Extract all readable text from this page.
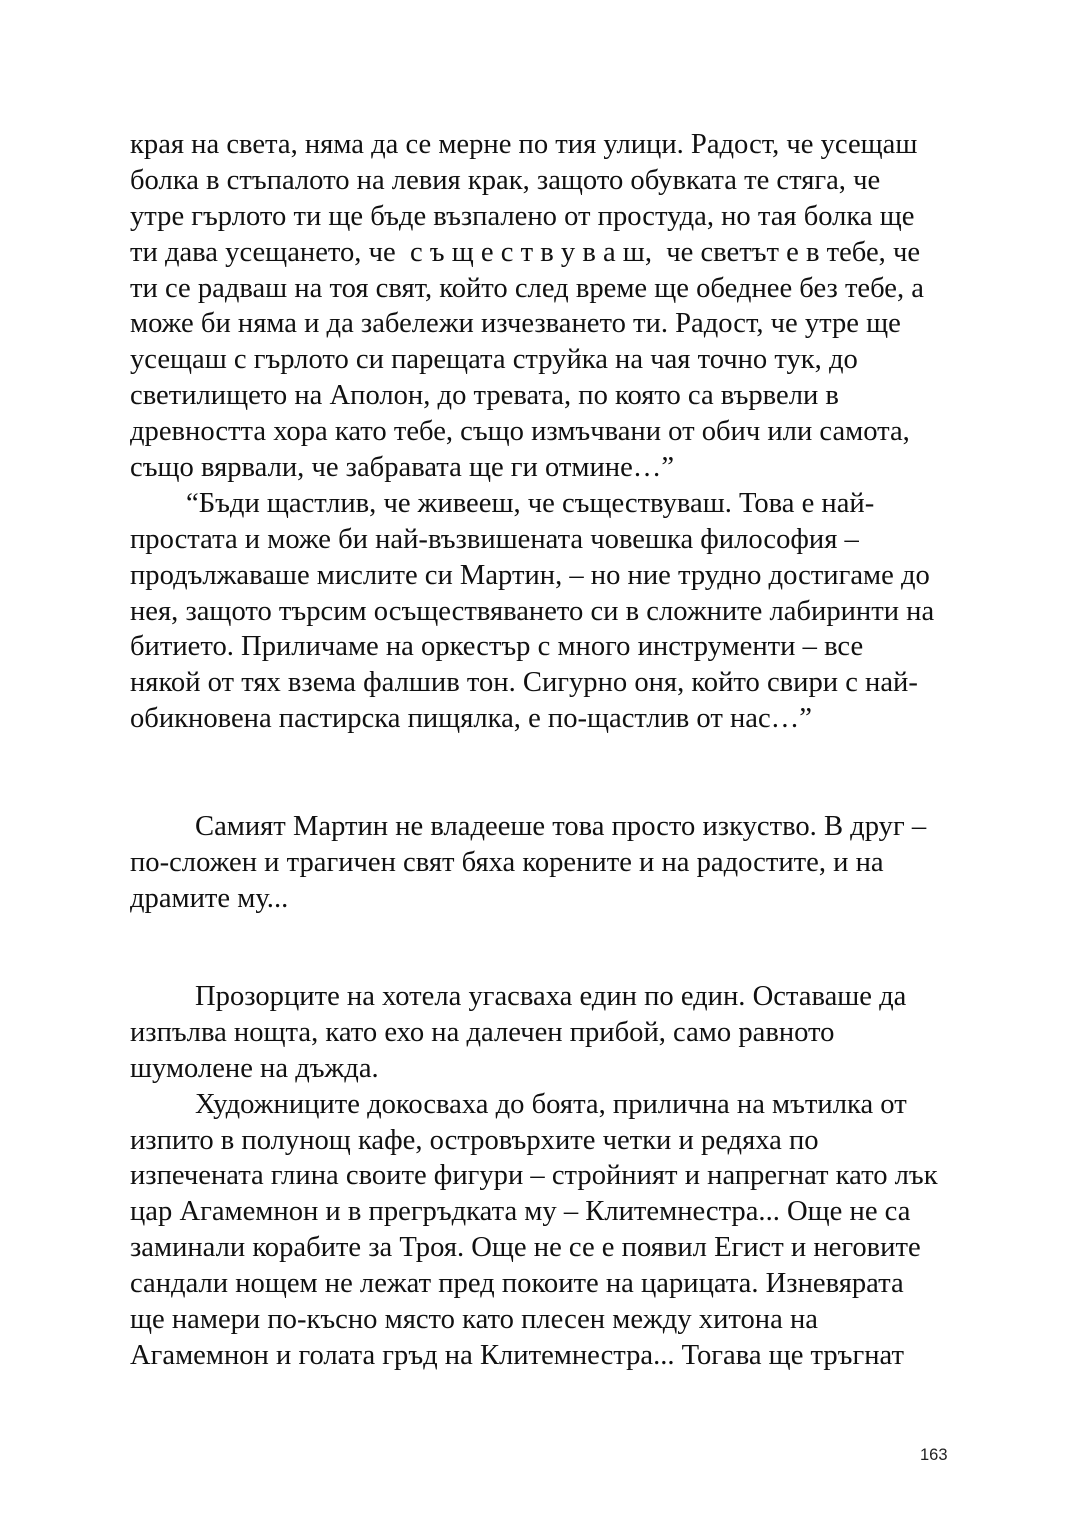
края на света, няма да се мерне по тия улици. Радост, че усещаш
болка в стъпалото на левия крак, защото обувката те стяга, че
утре гърлото ти ще бъде възпалено от простуда, но тая болка ще
ти дава усещането, че  с ъ щ е с т в у в а ш,  че светът е в тебе, че
ти се радваш на тоя свят, който след време ще обеднее без тебе, а
може би няма и да забележи изчезването ти. Радост, че утре ще
усещаш с гърлото си парещата струйка на чая точно тук, до
светилището на Аполон, до тревата, по която са вървели в
древността хора като тебе, също измъчвани от обич или самота,
също вярвали, че забравата ще ги отмине…”
“Бъди щастлив, че живееш, че съществуваш. Това е най-
простата и може би най-възвишената човешка философия –
продължаваше мислите си Мартин, – но ние трудно достигаме до
нея, защото търсим осъществяването си в сложните лабиринти на
битието. Приличаме на оркестър с много инструменти – все
някой от тях взема фалшив тон. Сигурно оня, който свири с най-
обикновена пастирска пищялка, е по-щастлив от нас…”
Самият Мартин не владееше това просто изкуство. В друг –
по-сложен и трагичен свят бяха корените и на радостите, и на
драмите му...
Прозорците на хотела угасваха един по един. Оставаше да
изпълва нощта, като ехо на далечен прибой, само равното
шумолене на дъжда.
Художниците докосваха до боята, прилична на мътилка от
изпито в полунощ кафе, островърхите четки и редяха по
изпечената глина своите фигури – стройният и напрегнат като лък
цар Агамемнон и в прегръдката му – Клитемнестра... Още не са
заминали корабите за Троя. Още не се е появил Егист и неговите
сандали нощем не лежат пред покоите на царицата. Изневярата
ще намери по-късно място като плесен между хитона на
Агамемнон и голата гръд на Клитемнестра... Тогава ще тръгнат
163
